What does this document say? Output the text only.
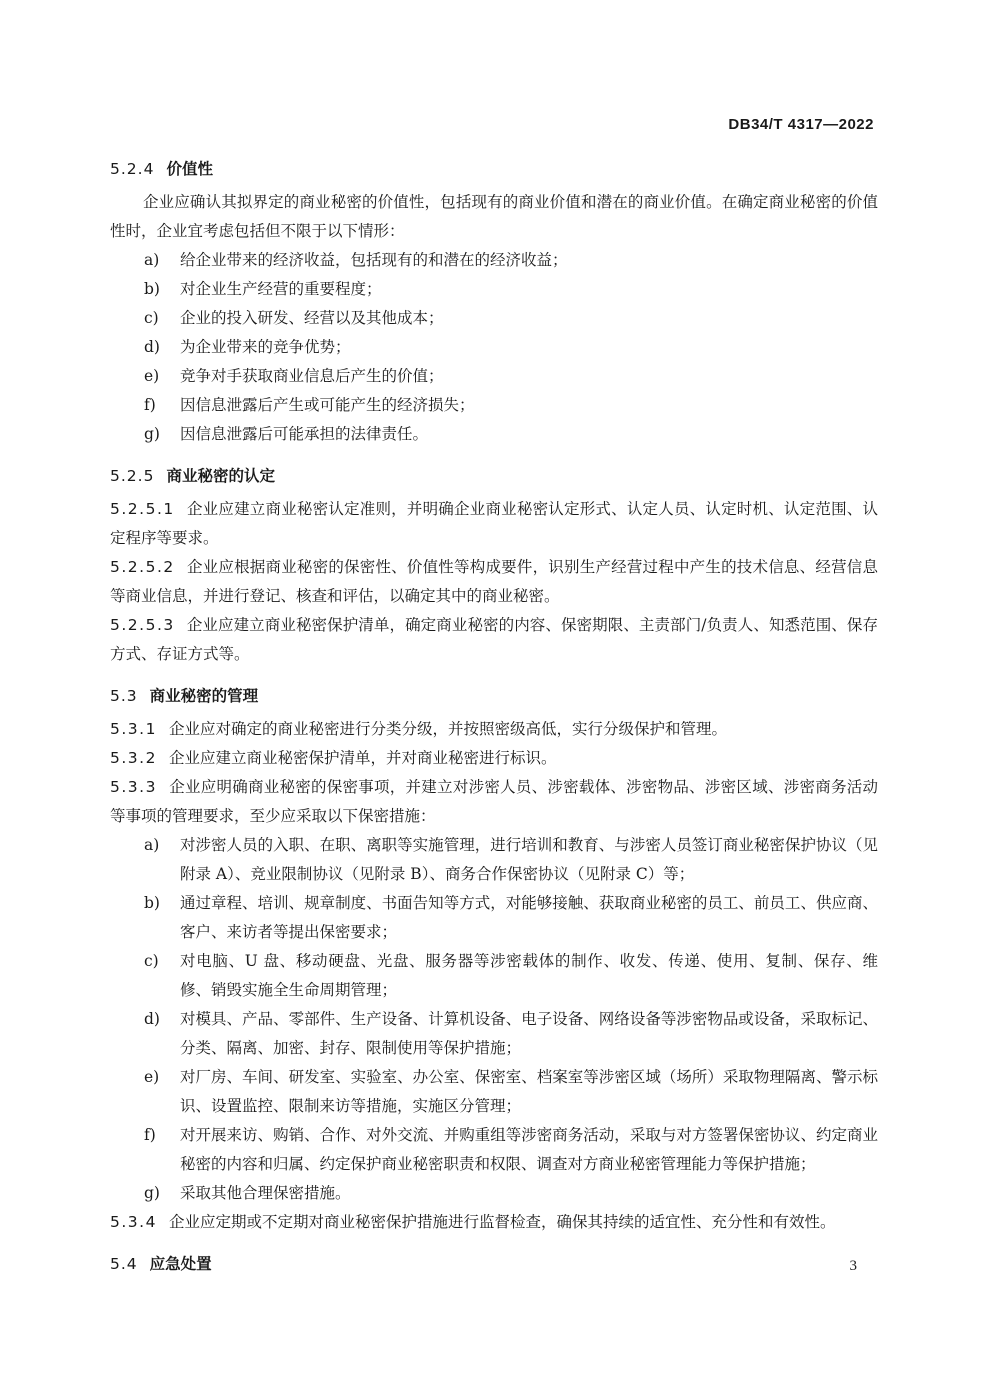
DB34/T 4317—2022
5.2.4 价值性

企业应确认其拟界定的商业秘密的价值性，包括现有的商业价值和潜在的商业价值。在确定商业秘密的价值性时，企业宜考虑包括但不限于以下情形：

a) 给企业带来的经济收益，包括现有的和潜在的经济收益；

b) 对企业生产经营的重要程度；

c) 企业的投入研发、经营以及其他成本；

d) 为企业带来的竞争优势；

e) 竞争对手获取商业信息后产生的价值；

f) 因信息泄露后产生或可能产生的经济损失；

g) 因信息泄露后可能承担的法律责任。

5.2.5 商业秘密的认定

5.2.5.1 企业应建立商业秘密认定准则，并明确企业商业秘密认定形式、认定人员、认定时机、认定范围、认定程序等要求。

5.2.5.2 企业应根据商业秘密的保密性、价值性等构成要件，识别生产经营过程中产生的技术信息、经营信息等商业信息，并进行登记、核查和评估，以确定其中的商业秘密。

5.2.5.3 企业应建立商业秘密保护清单，确定商业秘密的内容、保密期限、主责部门/负责人、知悉范围、保存方式、存证方式等。

5.3 商业秘密的管理

5.3.1 企业应对确定的商业秘密进行分类分级，并按照密级高低，实行分级保护和管理。

5.3.2 企业应建立商业秘密保护清单，并对商业秘密进行标识。

5.3.3 企业应明确商业秘密的保密事项，并建立对涉密人员、涉密载体、涉密物品、涉密区域、涉密商务活动等事项的管理要求，至少应采取以下保密措施：

a) 对涉密人员的入职、在职、离职等实施管理，进行培训和教育、与涉密人员签订商业秘密保护协议（见附录 A）、竞业限制协议（见附录 B）、商务合作保密协议（见附录 C）等；

b) 通过章程、培训、规章制度、书面告知等方式，对能够接触、获取商业秘密的员工、前员工、供应商、客户、来访者等提出保密要求；

c) 对电脑、U 盘、移动硬盘、光盘、服务器等涉密载体的制作、收发、传递、使用、复制、保存、维修、销毁实施全生命周期管理；

d) 对模具、产品、零部件、生产设备、计算机设备、电子设备、网络设备等涉密物品或设备，采取标记、分类、隔离、加密、封存、限制使用等保护措施；

e) 对厂房、车间、研发室、实验室、办公室、保密室、档案室等涉密区域（场所）采取物理隔离、警示标识、设置监控、限制来访等措施，实施区分管理；

f) 对开展来访、购销、合作、对外交流、并购重组等涉密商务活动，采取与对方签署保密协议、约定商业秘密的内容和归属、约定保护商业秘密职责和权限、调查对方商业秘密管理能力等保护措施；

g) 采取其他合理保密措施。

5.3.4 企业应定期或不定期对商业秘密保护措施进行监督检查，确保其持续的适宜性、充分性和有效性。

5.4 应急处置	3
